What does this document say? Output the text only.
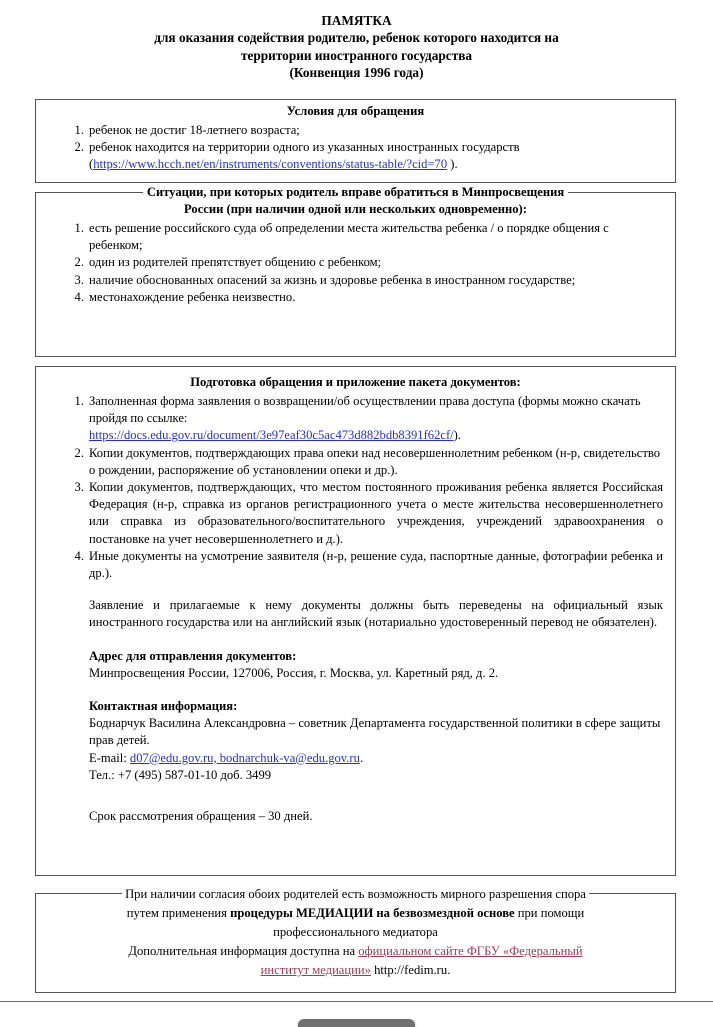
ПАМЯТКА
для оказания содействия родителю, ребенок которого находится на
территории иностранного государства
(Конвенция 1996 года)
Условия для обращения
1. ребенок не достиг 18-летнего возраста;
2. ребенок находится на территории одного из указанных иностранных государств
(https://www.hcch.net/en/instruments/conventions/status-table/?cid=70 ).
Ситуации, при которых родитель вправе обратиться в Минпросвещения
России (при наличии одной или нескольких одновременно):
1. есть решение российского суда об определении места жительства ребенка / о порядке общения с ребенком;
2. один из родителей препятствует общению с ребенком;
3. наличие обоснованных опасений за жизнь и здоровье ребенка в иностранном государстве;
4. местонахождение ребенка неизвестно.
Подготовка обращения и приложение пакета документов:
1. Заполненная форма заявления о возвращении/об осуществлении права доступа (формы можно скачать пройдя по ссылке:
https://docs.edu.gov.ru/document/3e97eaf30c5ac473d882bdb8391f62cf/).
2. Копии документов, подтверждающих права опеки над несовершеннолетним ребенком (н-р, свидетельство о рождении, распоряжение об установлении опеки и др.).
3. Копии документов, подтверждающих, что местом постоянного проживания ребенка является Российская Федерация (н-р, справка из органов регистрационного учета о месте жительства несовершеннолетнего или справка из образовательного/воспитательного учреждения, учреждений здравоохранения о постановке на учет несовершеннолетнего и д.).
4. Иные документы на усмотрение заявителя (н-р, решение суда, паспортные данные, фотографии ребенка и др.).

Заявление и прилагаемые к нему документы должны быть переведены на официальный язык иностранного государства или на английский язык (нотариально удостоверенный перевод не обязателен).

Адрес для отправления документов:

Минпросвещения России, 127006, Россия, г. Москва, ул. Каретный ряд, д. 2.

Контактная информация:

Боднарчук Василина Александровна – советник Департамента государственной политики в сфере защиты прав детей.

E-mail: d07@edu.gov.ru, bodnarchuk-va@edu.gov.ru.

Тел.: +7 (495) 587-01-10 доб. 3499

Срок рассмотрения обращения – 30 дней.

При наличии согласия обоих родителей есть возможность мирного разрешения спора
путем применения процедуры МЕДИАЦИИ на безвозмездной основе при помощи
профессионального медиатора
Дополнительная информация доступна на официальном сайте ФГБУ «Федеральный
институт медиации» http://fedim.ru.
